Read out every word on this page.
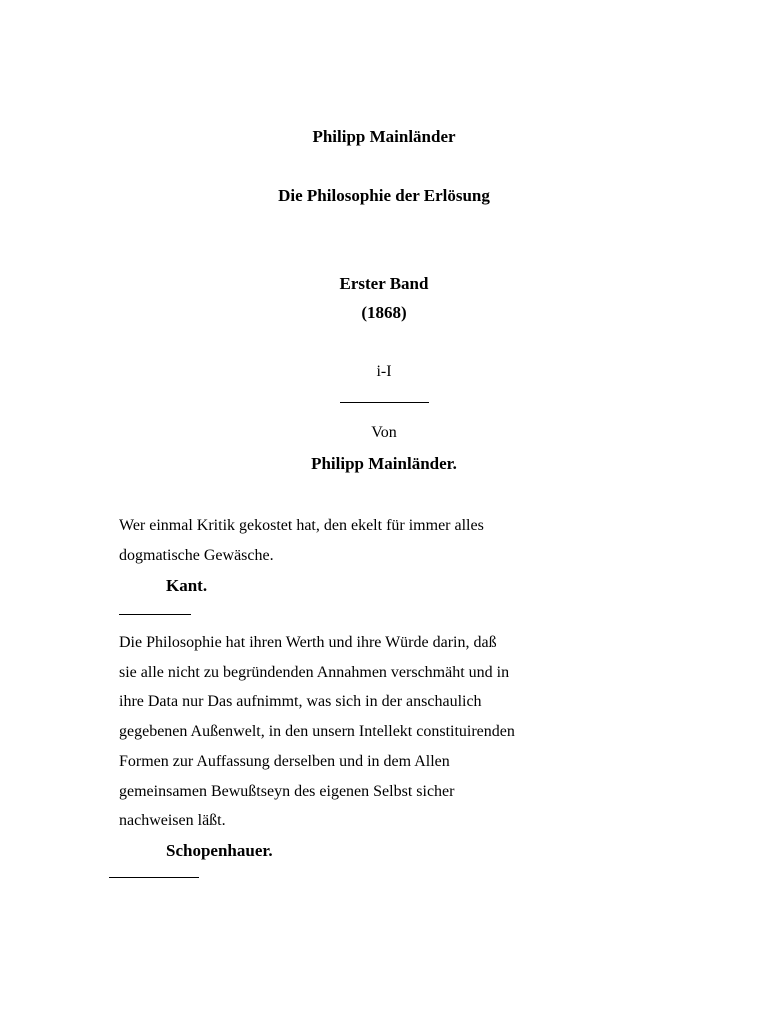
Philipp Mainländer
Die Philosophie der Erlösung
Erster Band
(1868)
i-I
Von
Philipp Mainländer.
Wer einmal Kritik gekostet hat, den ekelt für immer alles
dogmatische Gewäsche.
Kant.
Die Philosophie hat ihren Werth und ihre Würde darin, daß
sie alle nicht zu begründenden Annahmen verschmäht und in
ihre Data nur Das aufnimmt, was sich in der anschaulich
gegebenen Außenwelt, in den unsern Intellekt constituirenden
Formen zur Auffassung derselben und in dem Allen
gemeinsamen Bewußtseyn des eigenen Selbst sicher
nachweisen läßt.
Schopenhauer.
